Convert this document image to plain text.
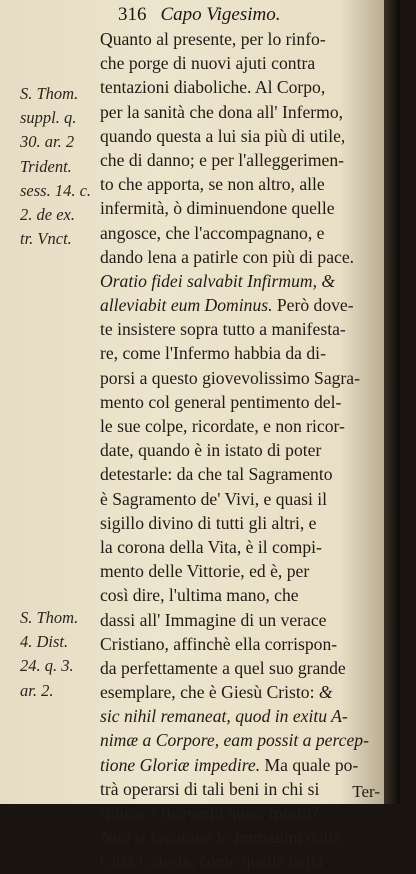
316 Capo Vigesimo.
S. Thom.
suppl. q.
30. ar. 2
Trident.
sess. 14. c.
2. de ex.
tr. Vnct.
S. Thom.
4. Dist.
24. q. 3.
ar. 2.
Quanto al presente, per lo rinfo-
che porge di nuovi ajuti contra
tentazioni diaboliche. Al Corpo,
per la sanità che dona all' Infermo,
quando questa a lui sia più di utile,
che di danno; e per l'alleggerimen-
to che apporta, se non altro, alle
infermità, ò diminuendone quelle
angosce, che l'accompagnano, e
dando lena a patirle con più di pace.
Oratio fidei salvabit Infirmum, &
alleviabit eum Dominus. Però dove-
te insistere sopra tutto a manifesta-
re, come l'Infermo habbia da di-
porsi a questo giovevolissimo Sagra-
mento col general pentimento del-
le sue colpe, ricordate, e non ricor-
date, quando è in istato di poter
detestarle: da che tal Sagramento
è Sagramento de' Vivi, e quasi il
sigillo divino di tutti gli altri, e
la corona della Vita, è il compi-
mento delle Vittorie, ed è, per
così dire, l'ultima mano, che
dassi all' Immagine di un verace
Cristiano, affinchè ella corrispon-
da perfettamente a quel suo grande
esemplare, che è Giesù Cristo: &
sic nihil remaneat, quod in exitu A-
nimæ a Corpore, eam possit a percep-
tione Gloriæ impedire. Ma quale po-
trà operarsi di tali beni in chi si
riduca a riceverlo quasi morto?
Non si lavorano le Immagini della
Città Celeste, come quelle della
Ter-
